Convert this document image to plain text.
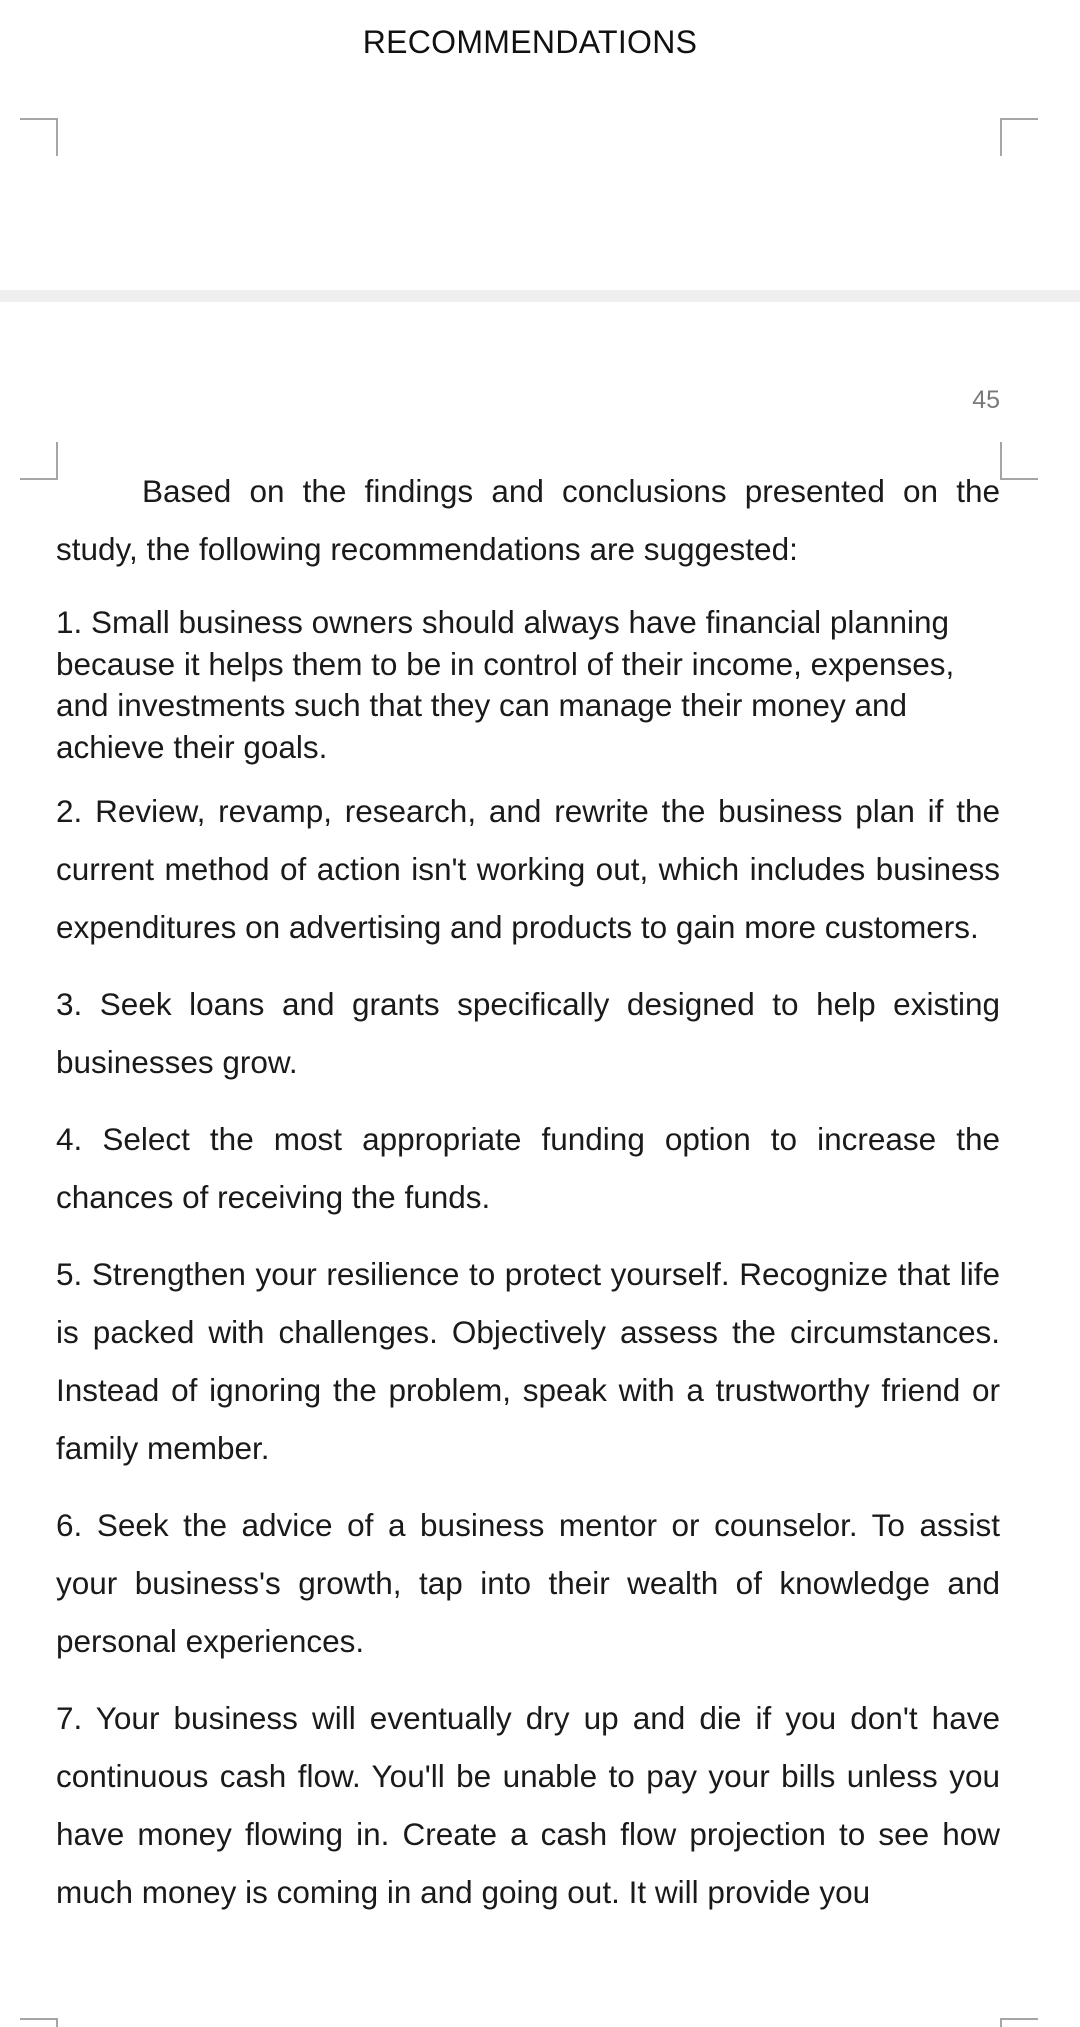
RECOMMENDATIONS
45

Based on the findings and conclusions presented on the study, the following recommendations are suggested:

1. Small business owners should always have financial planning because it helps them to be in control of their income, expenses, and investments such that they can manage their money and achieve their goals.

2. Review, revamp, research, and rewrite the business plan if the current method of action isn't working out, which includes business expenditures on advertising and products to gain more customers.

3. Seek loans and grants specifically designed to help existing businesses grow.

4. Select the most appropriate funding option to increase the chances of receiving the funds.

5. Strengthen your resilience to protect yourself. Recognize that life is packed with challenges. Objectively assess the circumstances. Instead of ignoring the problem, speak with a trustworthy friend or family member.

6. Seek the advice of a business mentor or counselor. To assist your business's growth, tap into their wealth of knowledge and personal experiences.

7. Your business will eventually dry up and die if you don't have continuous cash flow. You'll be unable to pay your bills unless you have money flowing in. Create a cash flow projection to see how much money is coming in and going out. It will provide you
